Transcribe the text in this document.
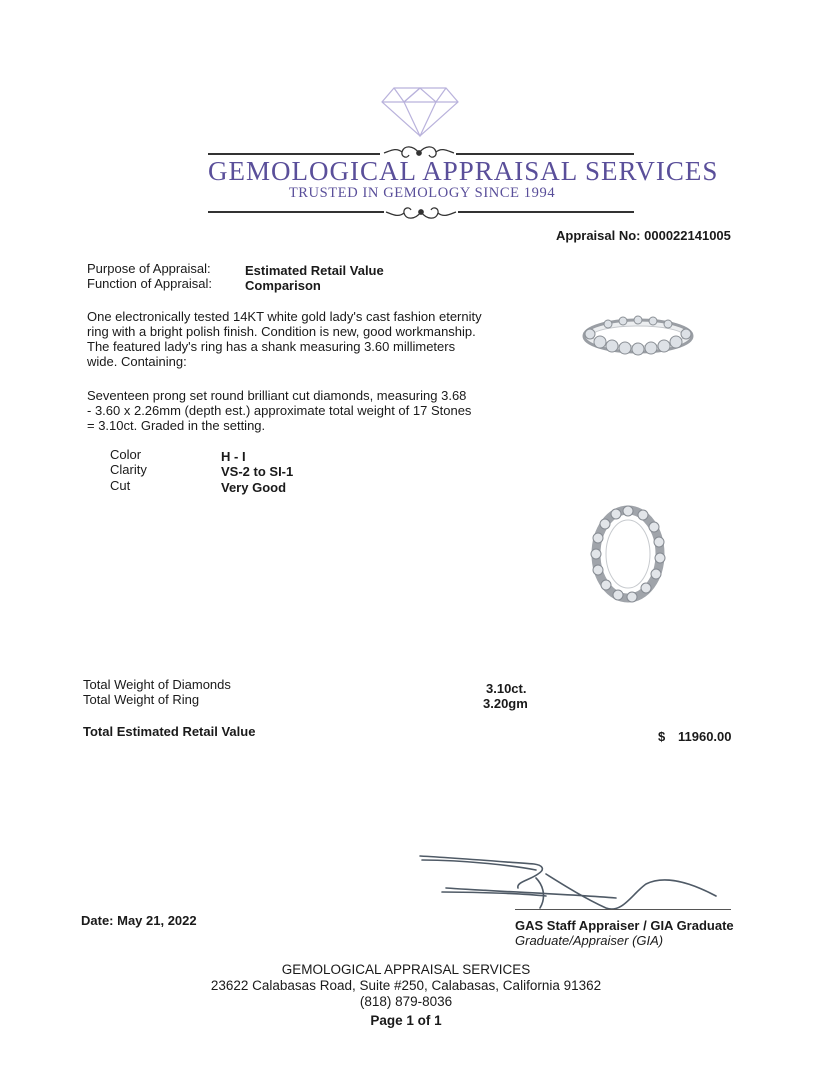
GEMOLOGICAL APPRAISAL SERVICES
TRUSTED IN GEMOLOGY SINCE 1994
Appraisal No: 000022141005
Purpose of Appraisal:	Estimated Retail Value
Function of Appraisal:	Comparison
One electronically tested 14KT white gold lady's cast fashion eternity
ring with a bright polish finish. Condition is new, good workmanship.
The featured lady's ring has a shank measuring 3.60 millimeters
wide. Containing:
Seventeen prong set round brilliant cut diamonds, measuring 3.68
- 3.60 x 2.26mm (depth est.) approximate total weight of 17 Stones
= 3.10ct. Graded in the setting.
Color	H - I
Clarity	VS-2 to SI-1
Cut	Very Good
Total Weight of Diamonds	3.10ct.
Total Weight of Ring	3.20gm
Total Estimated Retail Value	$ 11960.00
Date: May 21, 2022	GAS Staff Appraiser / GIA Graduate
Graduate/Appraiser (GIA)
GEMOLOGICAL APPRAISAL SERVICES
23622 Calabasas Road, Suite #250, Calabasas, California 91362
(818) 879-8036
Page 1 of 1
